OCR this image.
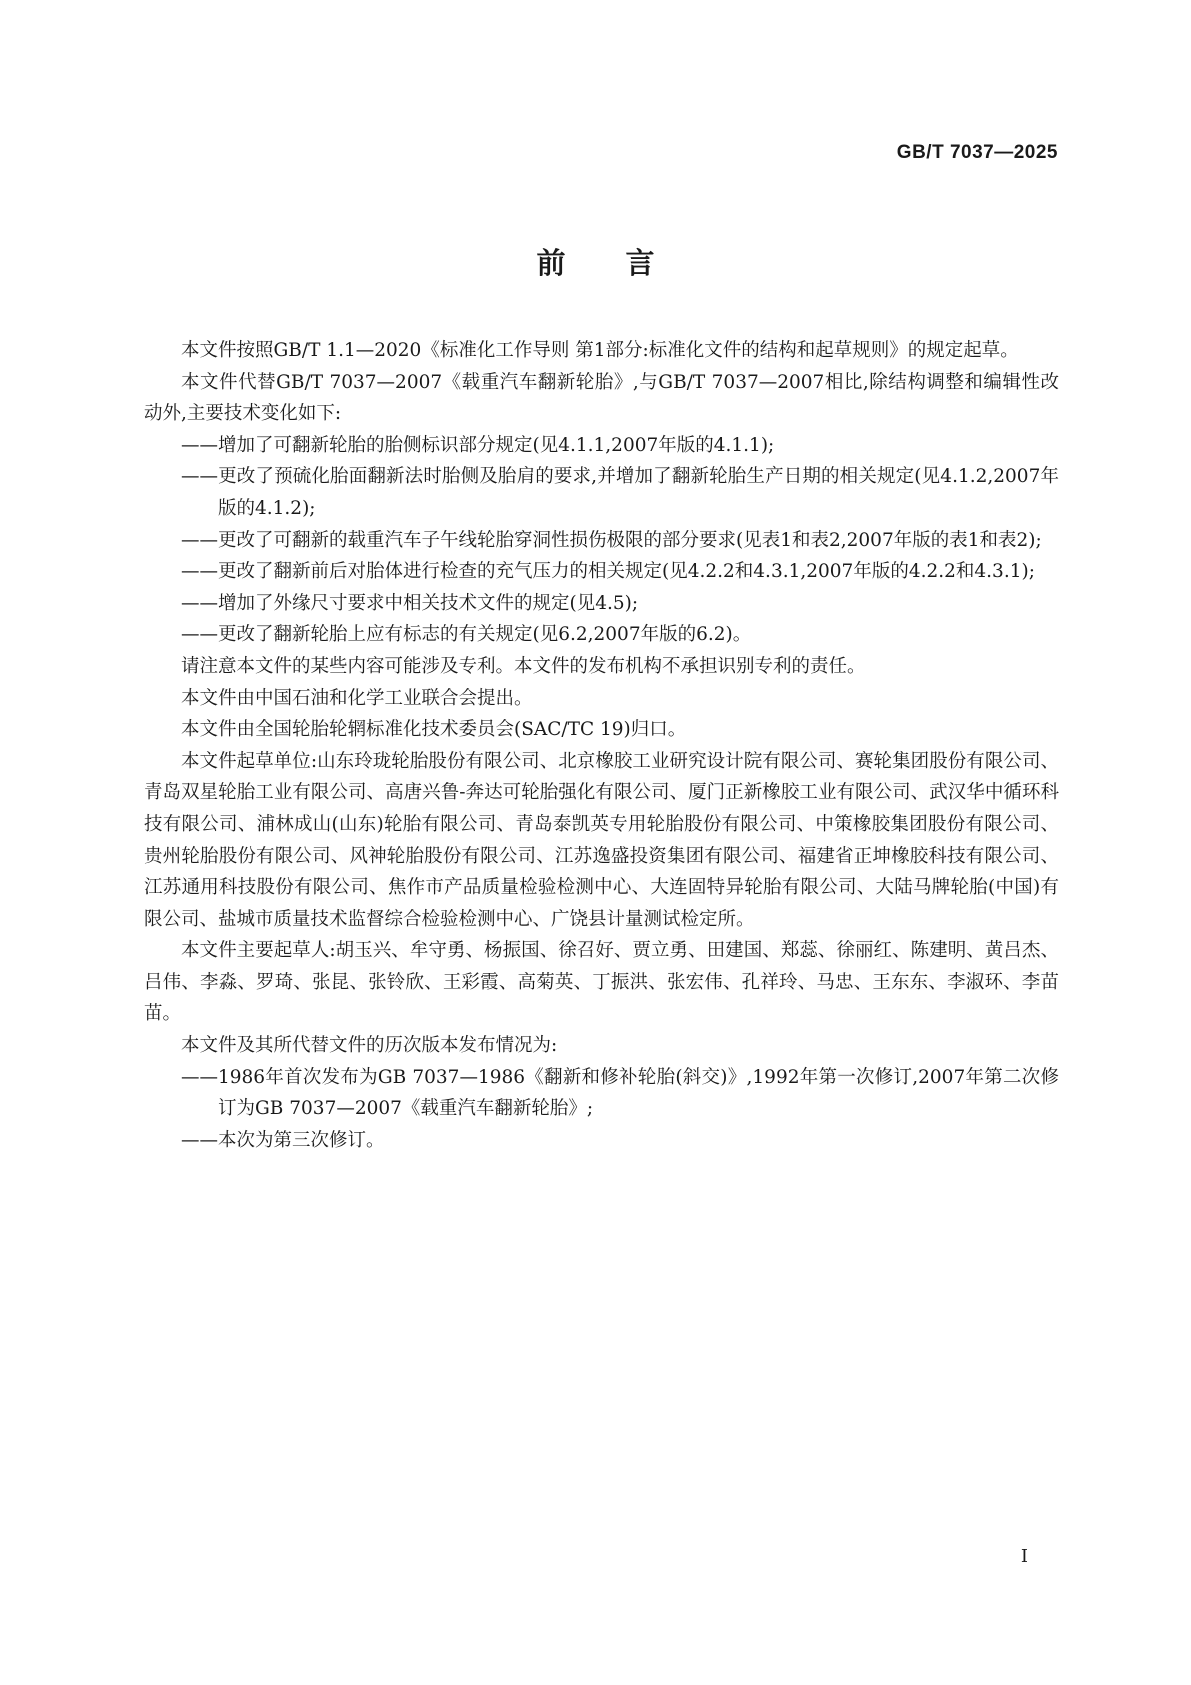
GB/T 7037—2025
前言

本文件按照GB/T 1.1—2020《标准化工作导则 第1部分:标准化文件的结构和起草规则》的规定起草。

本文件代替GB/T 7037—2007《载重汽车翻新轮胎》,与GB/T 7037—2007相比,除结构调整和编辑性改动外,主要技术变化如下:

——增加了可翻新轮胎的胎侧标识部分规定(见4.1.1,2007年版的4.1.1);

——更改了预硫化胎面翻新法时胎侧及胎肩的要求,并增加了翻新轮胎生产日期的相关规定(见4.1.2,2007年版的4.1.2);

——更改了可翻新的载重汽车子午线轮胎穿洞性损伤极限的部分要求(见表1和表2,2007年版的表1和表2);

——更改了翻新前后对胎体进行检查的充气压力的相关规定(见4.2.2和4.3.1,2007年版的4.2.2和4.3.1);

——增加了外缘尺寸要求中相关技术文件的规定(见4.5);

——更改了翻新轮胎上应有标志的有关规定(见6.2,2007年版的6.2)。

请注意本文件的某些内容可能涉及专利。本文件的发布机构不承担识别专利的责任。

本文件由中国石油和化学工业联合会提出。

本文件由全国轮胎轮辋标准化技术委员会(SAC/TC 19)归口。

本文件起草单位:山东玲珑轮胎股份有限公司、北京橡胶工业研究设计院有限公司、赛轮集团股份有限公司、青岛双星轮胎工业有限公司、高唐兴鲁-奔达可轮胎强化有限公司、厦门正新橡胶工业有限公司、武汉华中循环科技有限公司、浦林成山(山东)轮胎有限公司、青岛泰凯英专用轮胎股份有限公司、中策橡胶集团股份有限公司、贵州轮胎股份有限公司、风神轮胎股份有限公司、江苏逸盛投资集团有限公司、福建省正坤橡胶科技有限公司、江苏通用科技股份有限公司、焦作市产品质量检验检测中心、大连固特异轮胎有限公司、大陆马牌轮胎(中国)有限公司、盐城市质量技术监督综合检验检测中心、广饶县计量测试检定所。

本文件主要起草人:胡玉兴、牟守勇、杨振国、徐召好、贾立勇、田建国、郑蕊、徐丽红、陈建明、黄吕杰、吕伟、李淼、罗琦、张昆、张铃欣、王彩霞、高菊英、丁振洪、张宏伟、孔祥玲、马忠、王东东、李淑环、李苗苗。

本文件及其所代替文件的历次版本发布情况为:

——1986年首次发布为GB 7037—1986《翻新和修补轮胎(斜交)》,1992年第一次修订,2007年第二次修订为GB 7037—2007《载重汽车翻新轮胎》;

——本次为第三次修订。

I
